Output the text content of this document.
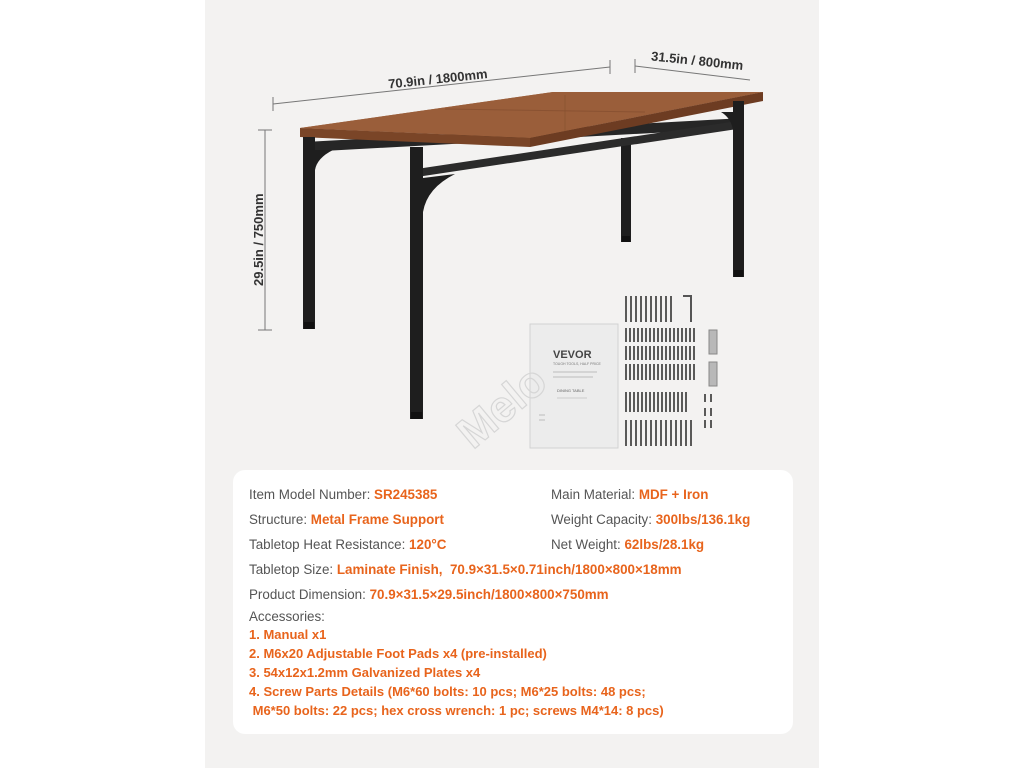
70.9in / 1800mm
31.5in / 800mm
29.5in / 750mm
VEVOR
TOUGH TOOLS, HALF PRICE
DINING TABLE
Melo
Item Model Number: SR245385	Main Material: MDF + Iron
Structure: Metal Frame Support	Weight Capacity: 300lbs/136.1kg
Tabletop Heat Resistance: 120°C	Net Weight: 62lbs/28.1kg
Tabletop Size: Laminate Finish,  70.9×31.5×0.71inch/1800×800×18mm
Product Dimension: 70.9×31.5×29.5inch/1800×800×750mm
Accessories:
1. Manual x1
2. M6x20 Adjustable Foot Pads x4 (pre-installed)
3. 54x12x1.2mm Galvanized Plates x4
4. Screw Parts Details (M6*60 bolts: 10 pcs; M6*25 bolts: 48 pcs;
M6*50 bolts: 22 pcs; hex cross wrench: 1 pc; screws M4*14: 8 pcs)
